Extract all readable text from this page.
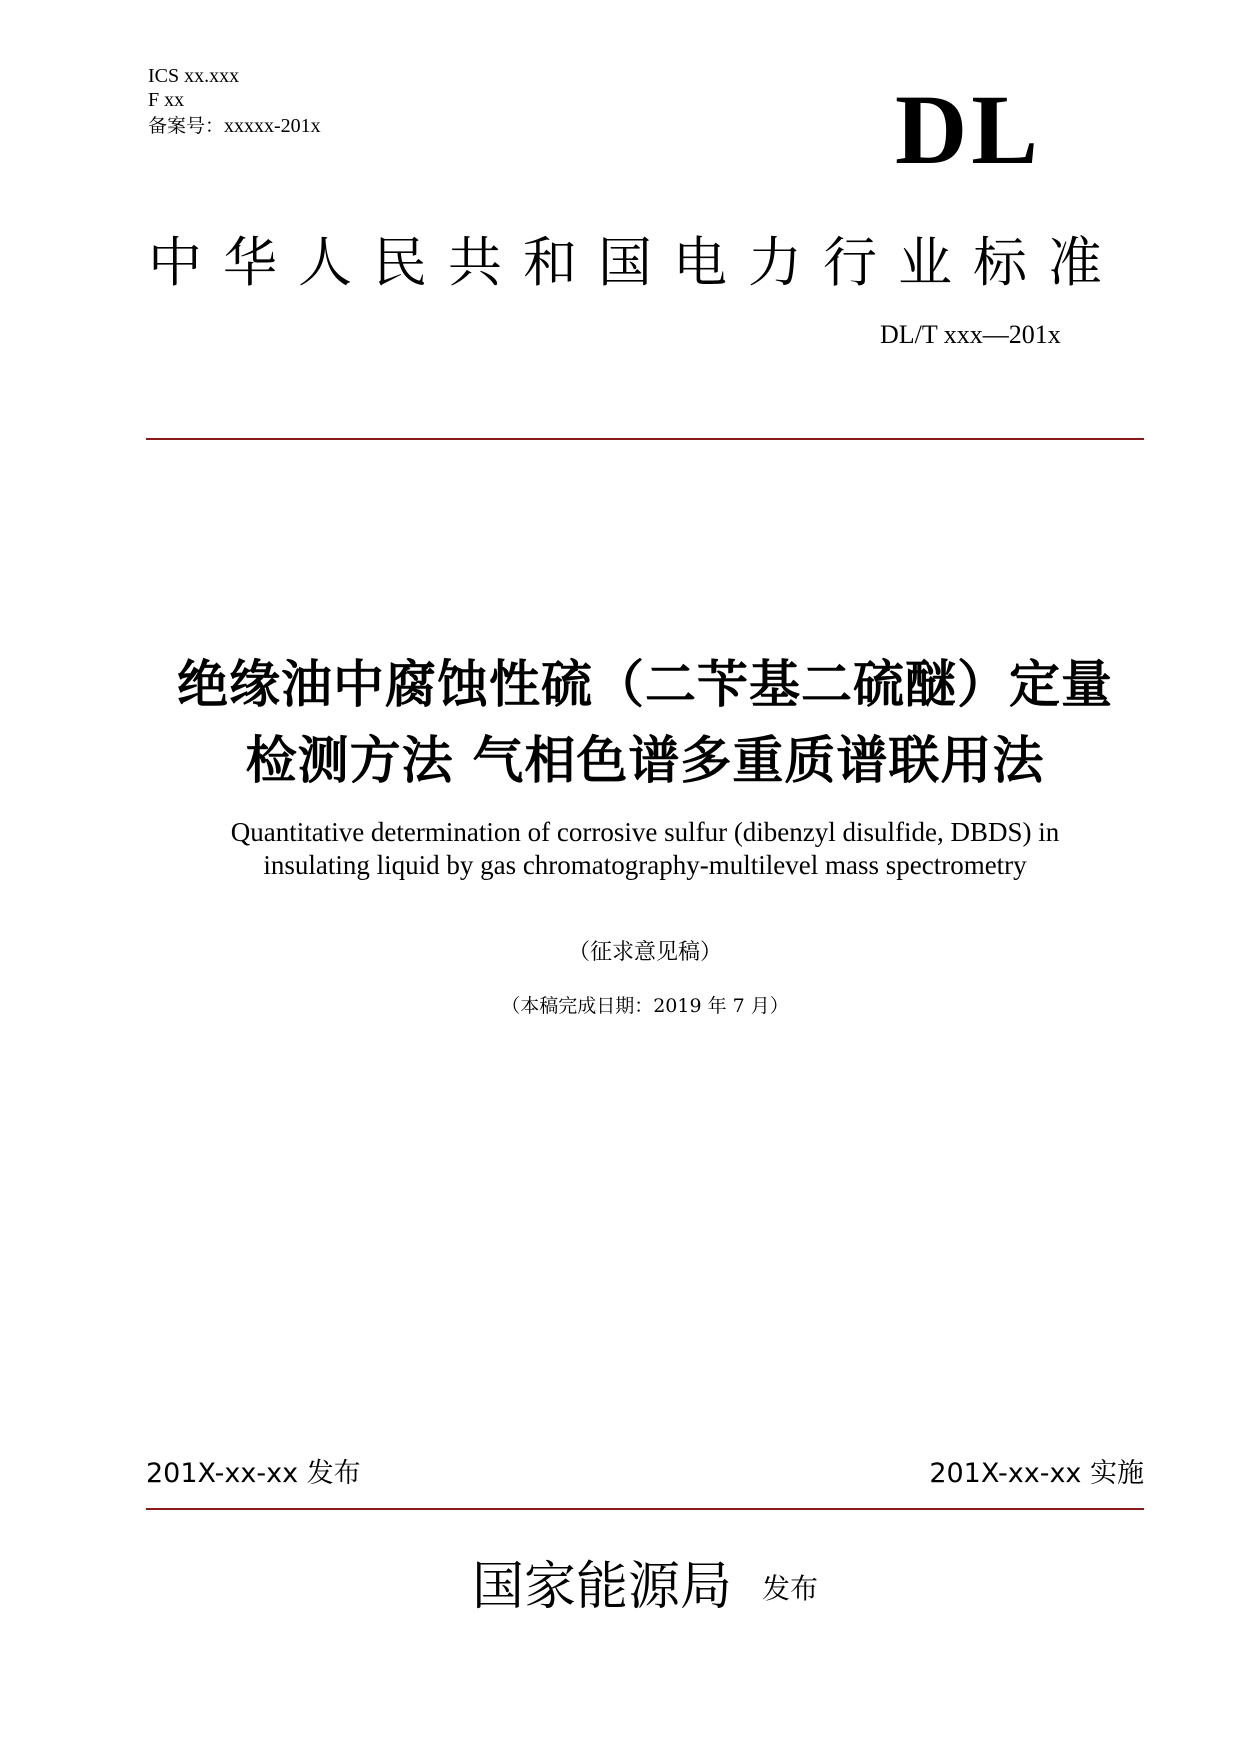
ICS xx.xxx
F xx
备案号：xxxxx-201x	DL
中华人民共和国电力行业标准
DL/T xxx—201x
绝缘油中腐蚀性硫（二苄基二硫醚）定量
检测方法 气相色谱多重质谱联用法
Quantitative determination of corrosive sulfur (dibenzyl disulfide, DBDS) in
insulating liquid by gas chromatography-multilevel mass spectrometry
（征求意见稿）
（本稿完成日期：2019 年 7 月）
201X-xx-xx 发布	201X-xx-xx 实施
国家能源局 发布
